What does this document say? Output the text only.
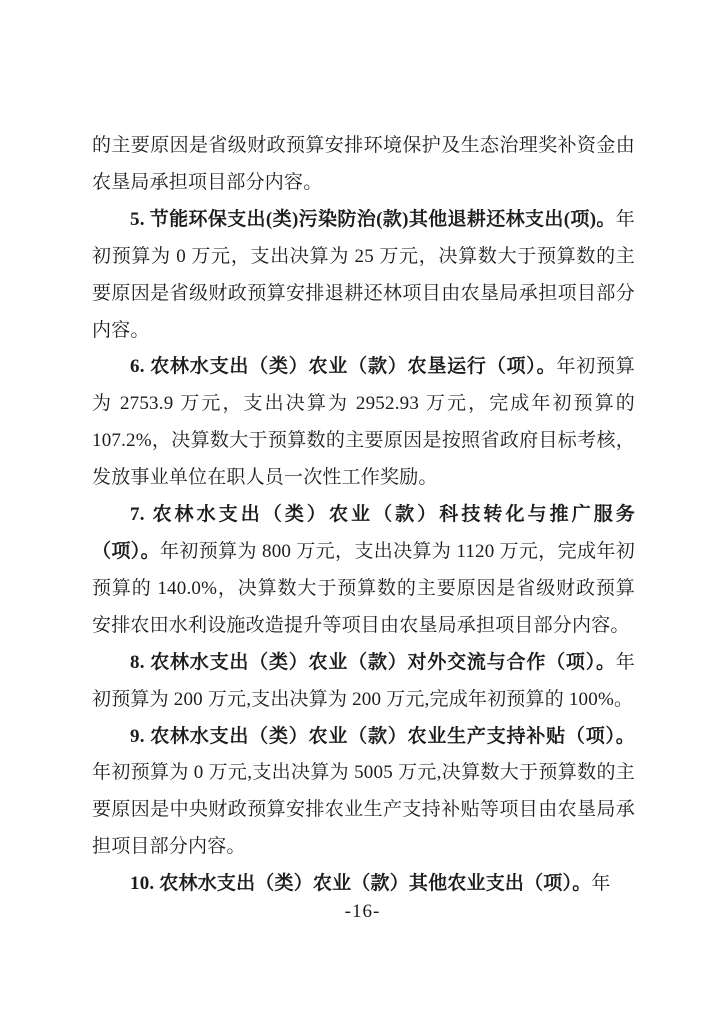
的主要原因是省级财政预算安排环境保护及生态治理奖补资金由农垦局承担项目部分内容。

5. 节能环保支出(类)污染防治(款)其他退耕还林支出(项)。年初预算为 0 万元，支出决算为 25 万元，决算数大于预算数的主要原因是省级财政预算安排退耕还林项目由农垦局承担项目部分内容。

6. 农林水支出（类）农业（款）农垦运行（项）。年初预算为 2753.9 万元，支出决算为 2952.93 万元，完成年初预算的 107.2%，决算数大于预算数的主要原因是按照省政府目标考核，发放事业单位在职人员一次性工作奖励。

7. 农林水支出（类）农业（款）科技转化与推广服务（项）。年初预算为 800 万元，支出决算为 1120 万元，完成年初预算的 140.0%，决算数大于预算数的主要原因是省级财政预算安排农田水利设施改造提升等项目由农垦局承担项目部分内容。

8. 农林水支出（类）农业（款）对外交流与合作（项）。年初预算为 200 万元,支出决算为 200 万元,完成年初预算的 100%。

9. 农林水支出（类）农业（款）农业生产支持补贴（项）。年初预算为 0 万元,支出决算为 5005 万元,决算数大于预算数的主要原因是中央财政预算安排农业生产支持补贴等项目由农垦局承担项目部分内容。

10. 农林水支出（类）农业（款）其他农业支出（项）。年

-16-
